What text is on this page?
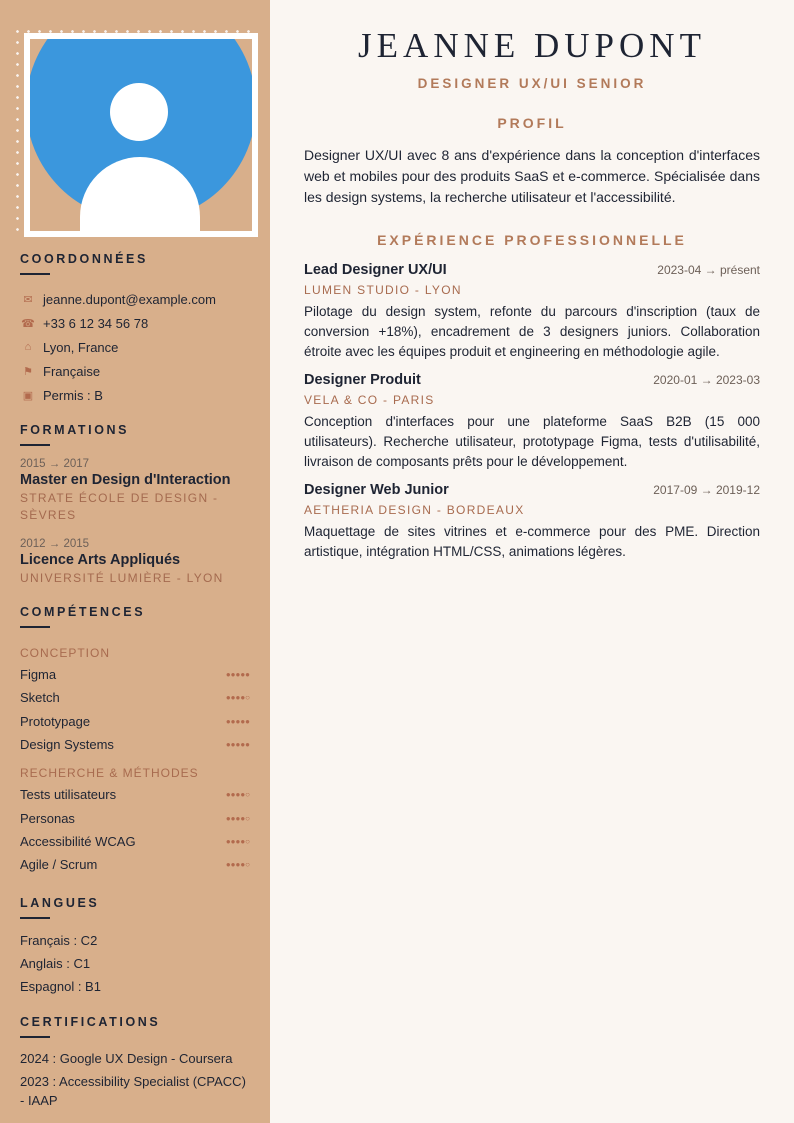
COORDONNÉES
✉ jeanne.dupont@example.com
☎ +33 6 12 34 56 78
⌂ Lyon, France
⚑ Française
▣ Permis : B
FORMATIONS
2015 → 2017
Master en Design d'Interaction
STRATE ÉCOLE DE DESIGN - SÈVRES
2012 → 2015
Licence Arts Appliqués
UNIVERSITÉ LUMIÈRE - LYON
COMPÉTENCES
CONCEPTION
Figma	●●●●●
Sketch	●●●●○
Prototypage	●●●●●
Design Systems	●●●●●
RECHERCHE & MÉTHODES
Tests utilisateurs	●●●●○
Personas	●●●●○
Accessibilité WCAG	●●●●○
Agile / Scrum	●●●●○
LANGUES
Français : C2
Anglais : C1
Espagnol : B1
CERTIFICATIONS
2024 : Google UX Design - Coursera
2023 : Accessibility Specialist (CPACC) - IAAP
JEANNE DUPONT
DESIGNER UX/UI SENIOR
PROFIL

Designer UX/UI avec 8 ans d'expérience dans la conception d'interfaces web et mobiles pour des produits SaaS et e-commerce. Spécialisée dans les design systems, la recherche utilisateur et l'accessibilité.

EXPÉRIENCE PROFESSIONNELLE
Lead Designer UX/UI	2023-04 → présent
LUMEN STUDIO - LYON
Pilotage du design system, refonte du parcours d'inscription (taux de conversion +18%), encadrement de 3 designers juniors. Collaboration étroite avec les équipes produit et engineering en méthodologie agile.
Designer Produit	2020-01 → 2023-03
VELA & CO - PARIS
Conception d'interfaces pour une plateforme SaaS B2B (15 000 utilisateurs). Recherche utilisateur, prototypage Figma, tests d'utilisabilité, livraison de composants prêts pour le développement.
Designer Web Junior	2017-09 → 2019-12
AETHERIA DESIGN - BORDEAUX
Maquettage de sites vitrines et e-commerce pour des PME. Direction artistique, intégration HTML/CSS, animations légères.
